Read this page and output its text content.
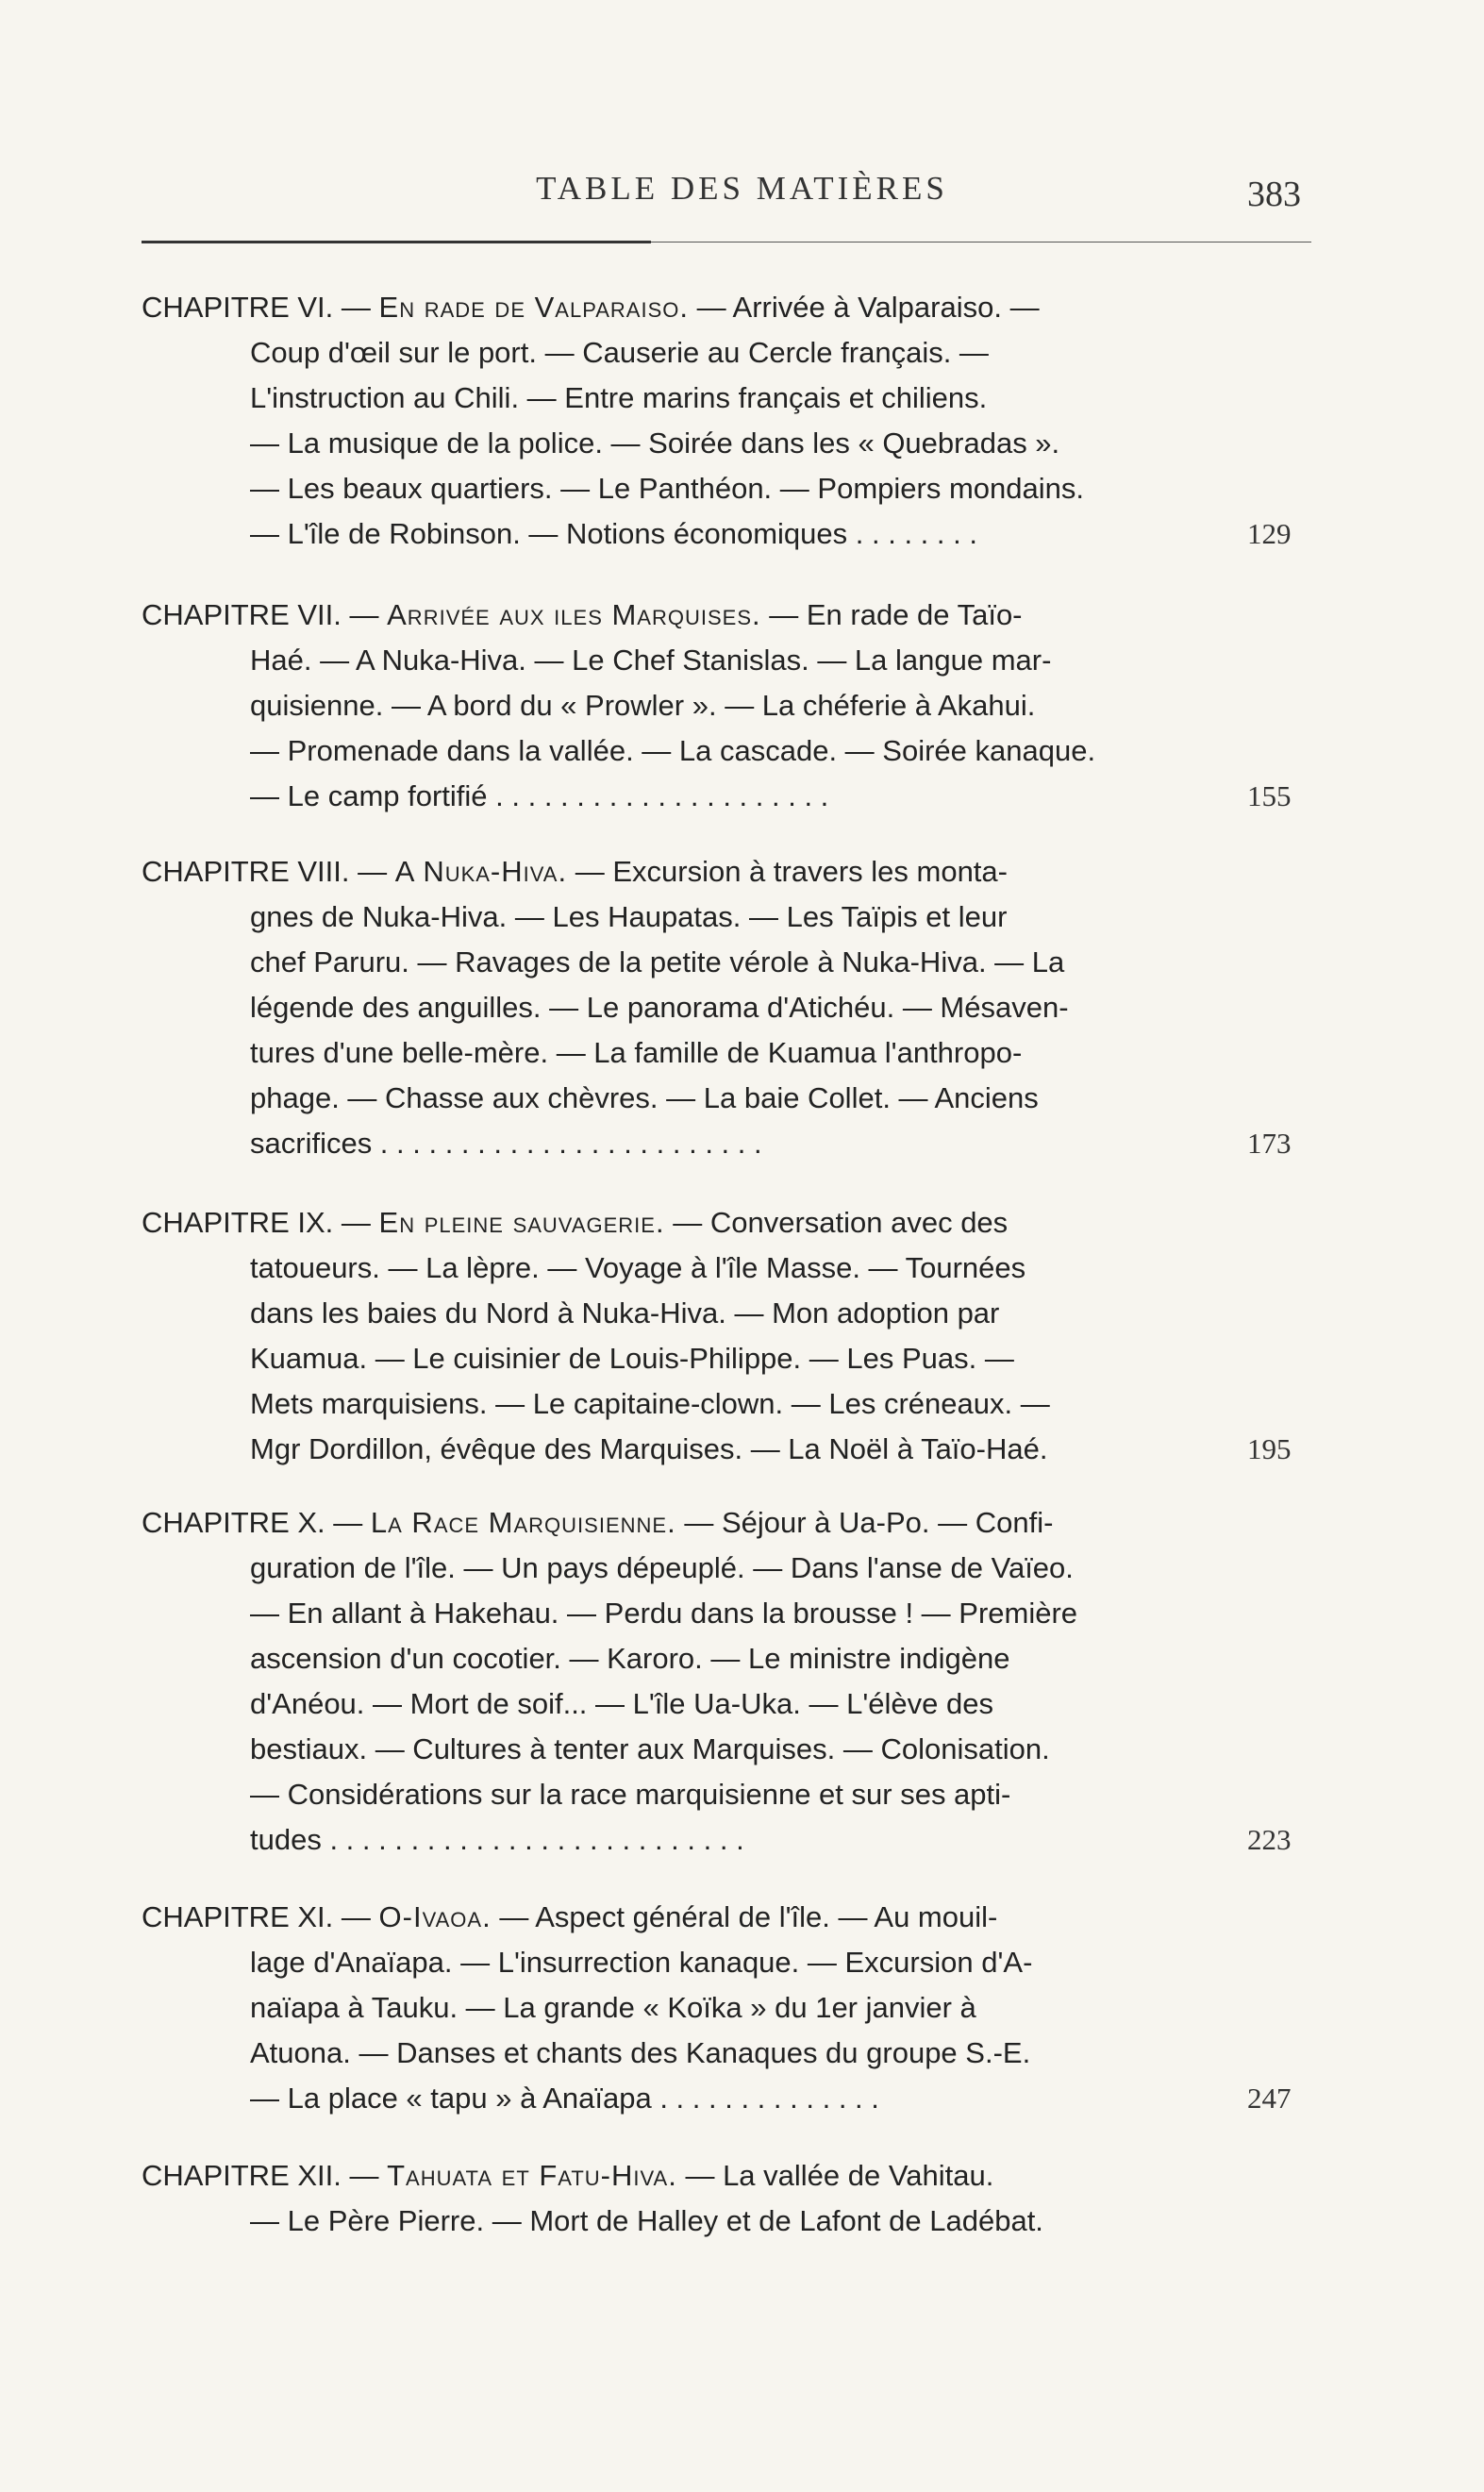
TABLE DES MATIÈRES	383
CHAPITRE VI. — En rade de Valparaiso. — Arrivée à Valparaiso. —
Coup d'œil sur le port. — Causerie au Cercle français. —
L'instruction au Chili. — Entre marins français et chiliens.
— La musique de la police. — Soirée dans les « Quebradas ».
— Les beaux quartiers. — Le Panthéon. — Pompiers mondains.
— L'île de Robinson. — Notions économiques . . . . . . . .	129
CHAPITRE VII. — Arrivée aux iles Marquises. — En rade de Taïo-
Haé. — A Nuka-Hiva. — Le Chef Stanislas. — La langue mar-
quisienne. — A bord du « Prowler ». — La chéferie à Akahui.
— Promenade dans la vallée. — La cascade. — Soirée kanaque.
— Le camp fortifié . . . . . . . . . . . . . . . . . . . . .	155
CHAPITRE VIII. — A Nuka-Hiva. — Excursion à travers les monta-
gnes de Nuka-Hiva. — Les Haupatas. — Les Taïpis et leur
chef Paruru. — Ravages de la petite vérole à Nuka-Hiva. — La
légende des anguilles. — Le panorama d'Atichéu. — Mésaven-
tures d'une belle-mère. — La famille de Kuamua l'anthropo-
phage. — Chasse aux chèvres. — La baie Collet. — Anciens
sacrifices . . . . . . . . . . . . . . . . . . . . . . . .	173
CHAPITRE IX. — En pleine sauvagerie. — Conversation avec des
tatoueurs. — La lèpre. — Voyage à l'île Masse. — Tournées
dans les baies du Nord à Nuka-Hiva. — Mon adoption par
Kuamua. — Le cuisinier de Louis-Philippe. — Les Puas. —
Mets marquisiens. — Le capitaine-clown. — Les créneaux. —
Mgr Dordillon, évêque des Marquises. — La Noël à Taïo-Haé.	195
CHAPITRE X. — La Race Marquisienne. — Séjour à Ua-Po. — Confi-
guration de l'île. — Un pays dépeuplé. — Dans l'anse de Vaïeo.
— En allant à Hakehau. — Perdu dans la brousse ! — Première
ascension d'un cocotier. — Karoro. — Le ministre indigène
d'Anéou. — Mort de soif... — L'île Ua-Uka. — L'élève des
bestiaux. — Cultures à tenter aux Marquises. — Colonisation.
— Considérations sur la race marquisienne et sur ses apti-
tudes . . . . . . . . . . . . . . . . . . . . . . . . . .	223
CHAPITRE XI. — O-Ivaoa. — Aspect général de l'île. — Au mouil-
lage d'Anaïapa. — L'insurrection kanaque. — Excursion d'A-
naïapa à Tauku. — La grande « Koïka » du 1er janvier à
Atuona. — Danses et chants des Kanaques du groupe S.-E.
— La place « tapu » à Anaïapa . . . . . . . . . . . . . .	247
CHAPITRE XII. — Tahuata et Fatu-Hiva. — La vallée de Vahitau.
— Le Père Pierre. — Mort de Halley et de Lafont de Ladébat.
